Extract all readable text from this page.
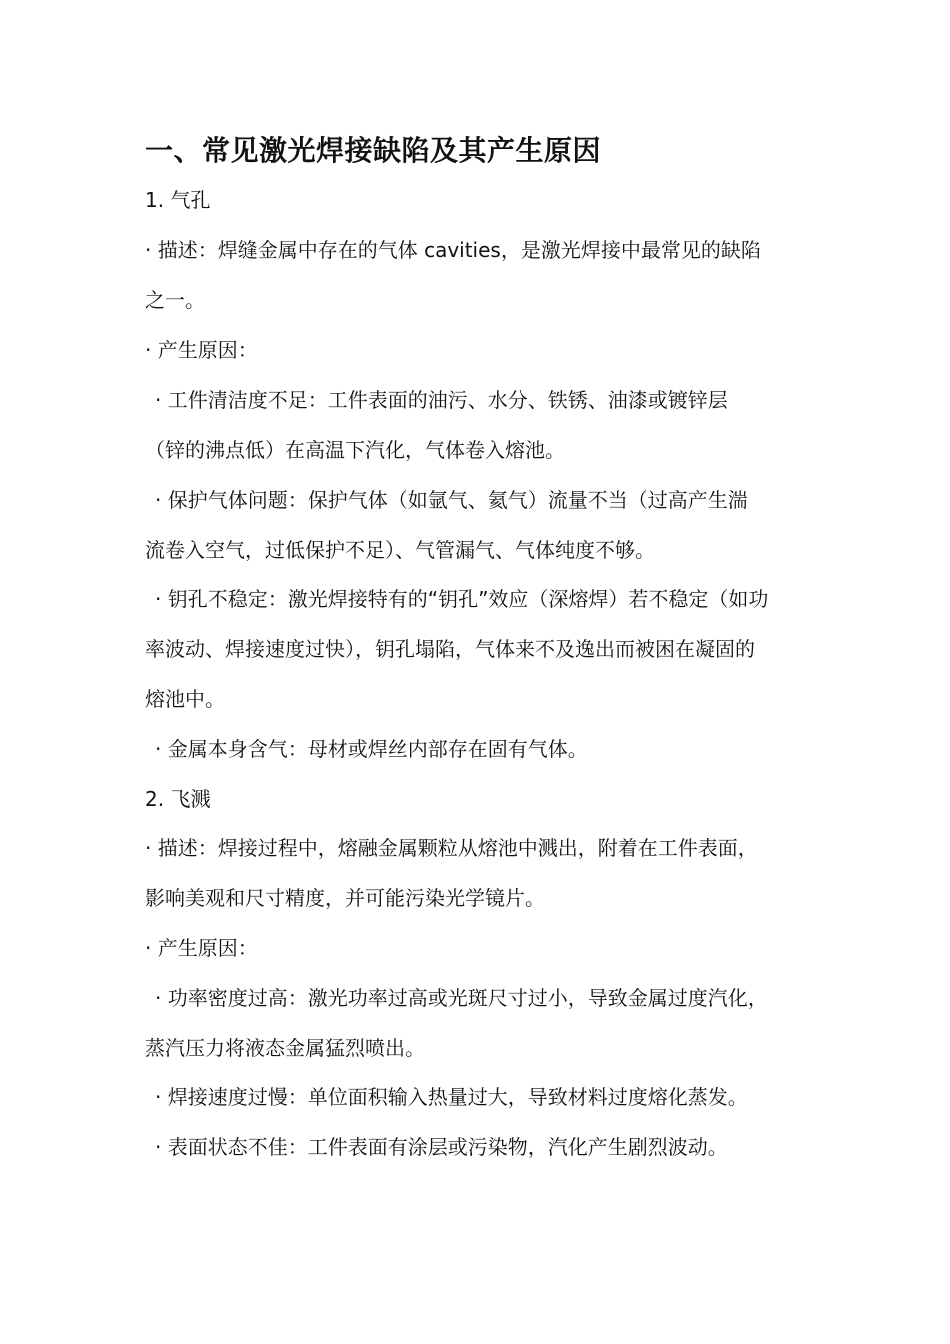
一、常见激光焊接缺陷及其产生原因
1. 气孔
· 描述：焊缝金属中存在的气体 cavities，是激光焊接中最常见的缺陷
之一。
· 产生原因：
· 工件清洁度不足：工件表面的油污、水分、铁锈、油漆或镀锌层
（锌的沸点低）在高温下汽化，气体卷入熔池。
· 保护气体问题：保护气体（如氩气、氦气）流量不当（过高产生湍
流卷入空气，过低保护不足）、气管漏气、气体纯度不够。
· 钥孔不稳定：激光焊接特有的“钥孔”效应（深熔焊）若不稳定（如功
率波动、焊接速度过快），钥孔塌陷，气体来不及逸出而被困在凝固的
熔池中。
· 金属本身含气：母材或焊丝内部存在固有气体。
2. 飞溅
· 描述：焊接过程中，熔融金属颗粒从熔池中溅出，附着在工件表面，
影响美观和尺寸精度，并可能污染光学镜片。
· 产生原因：
· 功率密度过高：激光功率过高或光斑尺寸过小，导致金属过度汽化，
蒸汽压力将液态金属猛烈喷出。
· 焊接速度过慢：单位面积输入热量过大，导致材料过度熔化蒸发。
· 表面状态不佳：工件表面有涂层或污染物，汽化产生剧烈波动。
